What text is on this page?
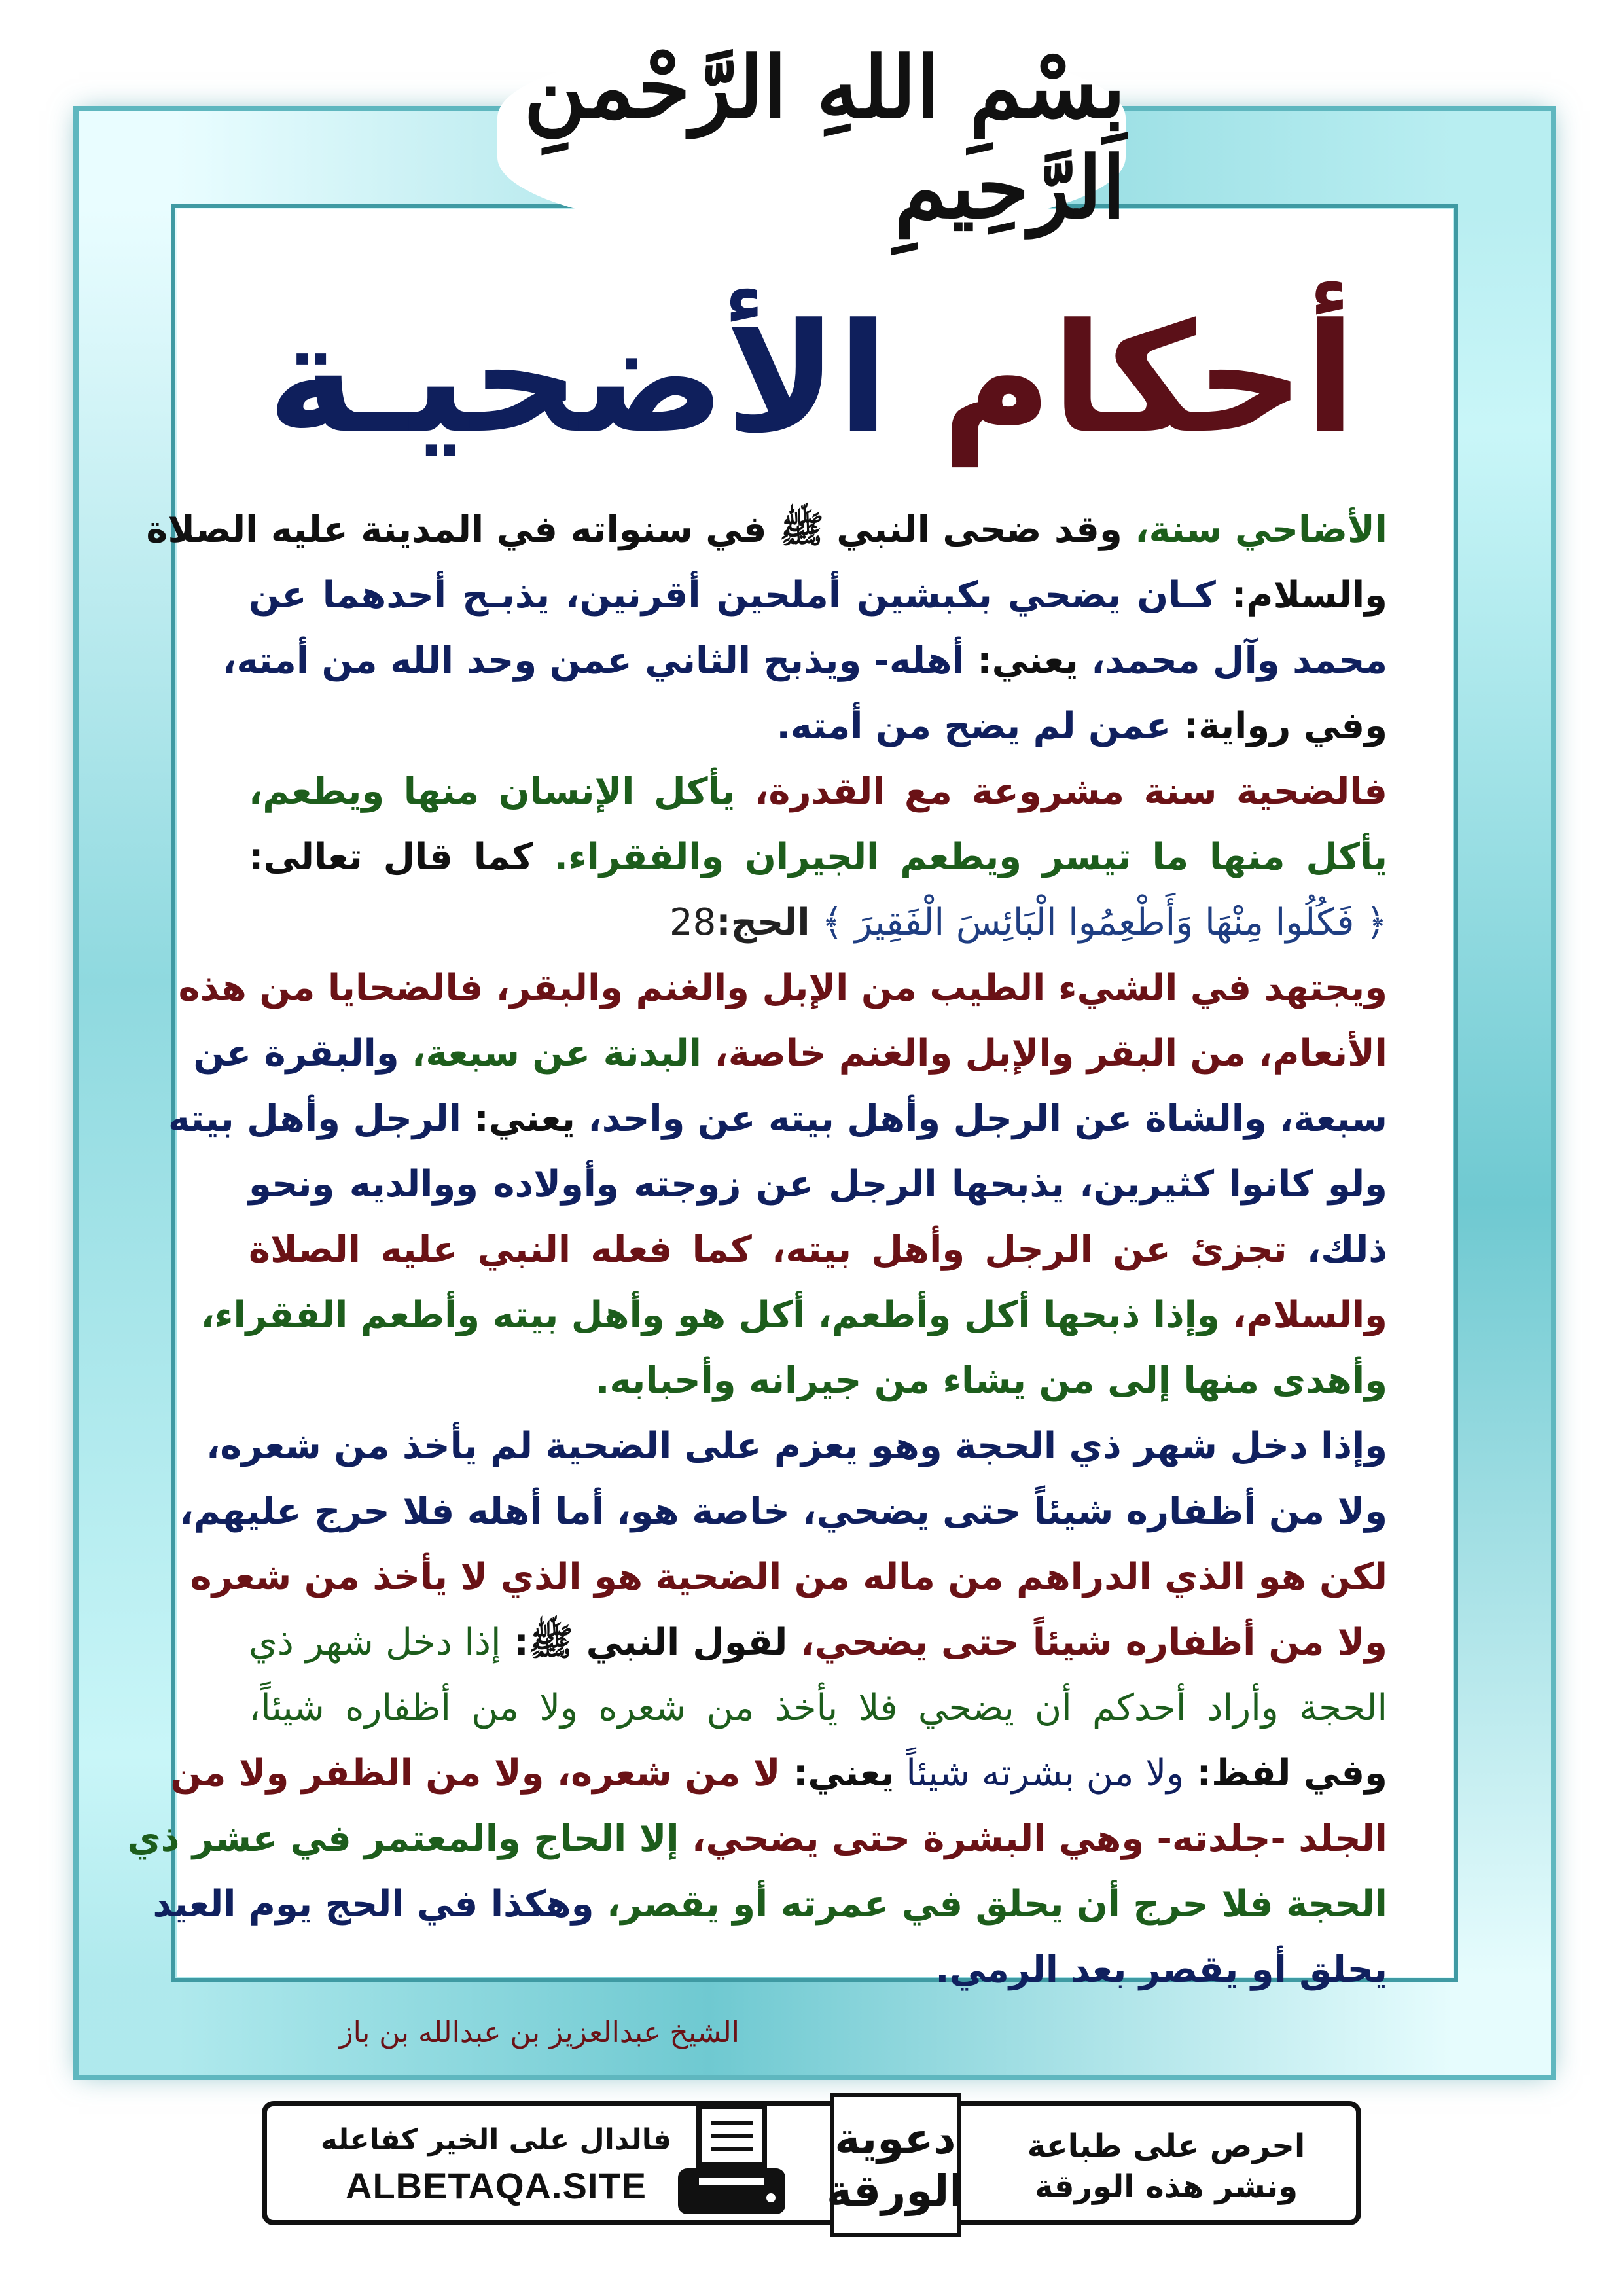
بِسْمِ اللهِ الرَّحْمنِ الرَّحِيمِ
أحكام الأضحيـة
الأضاحي سنة، وقد ضحى النبي ﷺ في سنواته في المدينة عليه الصلاة
والسلام: كـان يضحي بكبشين أملحين أقرنين، يذبـح أحدهما عن
محمد وآل محمد، يعني: أهله- ويذبح الثاني عمن وحد الله من أمته،
وفي رواية: عمن لم يضح من أمته.
فالضحية سنة مشروعة مع القدرة، يأكل الإنسان منها ويطعم،
يأكل منها ما تيسر ويطعم الجيران والفقراء. كما قال تعالى:
﴿ فَكُلُوا مِنْهَا وَأَطْعِمُوا الْبَائِسَ الْفَقِيرَ ﴾ الحج:28
ويجتهد في الشيء الطيب من الإبل والغنم والبقر، فالضحايا من هذه
الأنعام، من البقر والإبل والغنم خاصة، البدنة عن سبعة، والبقرة عن
سبعة، والشاة عن الرجل وأهل بيته عن واحد، يعني: الرجل وأهل بيته
ولو كانوا كثيرين، يذبحها الرجل عن زوجته وأولاده ووالديه ونحو
ذلك، تجزئ عن الرجل وأهل بيته، كما فعله النبي عليه الصلاة
والسلام، وإذا ذبحها أكل وأطعم، أكل هو وأهل بيته وأطعم الفقراء،
وأهدى منها إلى من يشاء من جيرانه وأحبابه.
وإذا دخل شهر ذي الحجة وهو يعزم على الضحية لم يأخذ من شعره،
ولا من أظفاره شيئاً حتى يضحي، خاصة هو، أما أهله فلا حرج عليهم،
لكن هو الذي الدراهم من ماله من الضحية هو الذي لا يأخذ من شعره
ولا من أظفاره شيئاً حتى يضحي، لقول النبي ﷺ: إذا دخل شهر ذي
الحجة وأراد أحدكم أن يضحي فلا يأخذ من شعره ولا من أظفاره شيئاً،
وفي لفظ: ولا من بشرته شيئاً يعني: لا من شعره، ولا من الظفر ولا من
الجلد -جلدته- وهي البشرة حتى يضحي، إلا الحاج والمعتمر في عشر ذي
الحجة فلا حرج أن يحلق في عمرته أو يقصر، وهكذا في الحج يوم العيد
يحلق أو يقصر بعد الرمي.
الشيخ عبدالعزيز بن عبدالله بن باز
فالدال على الخير كفاعله
ALBETAQA.SITE
دعوية
الورقة
احرص على طباعة
ونشر هذه الورقة
